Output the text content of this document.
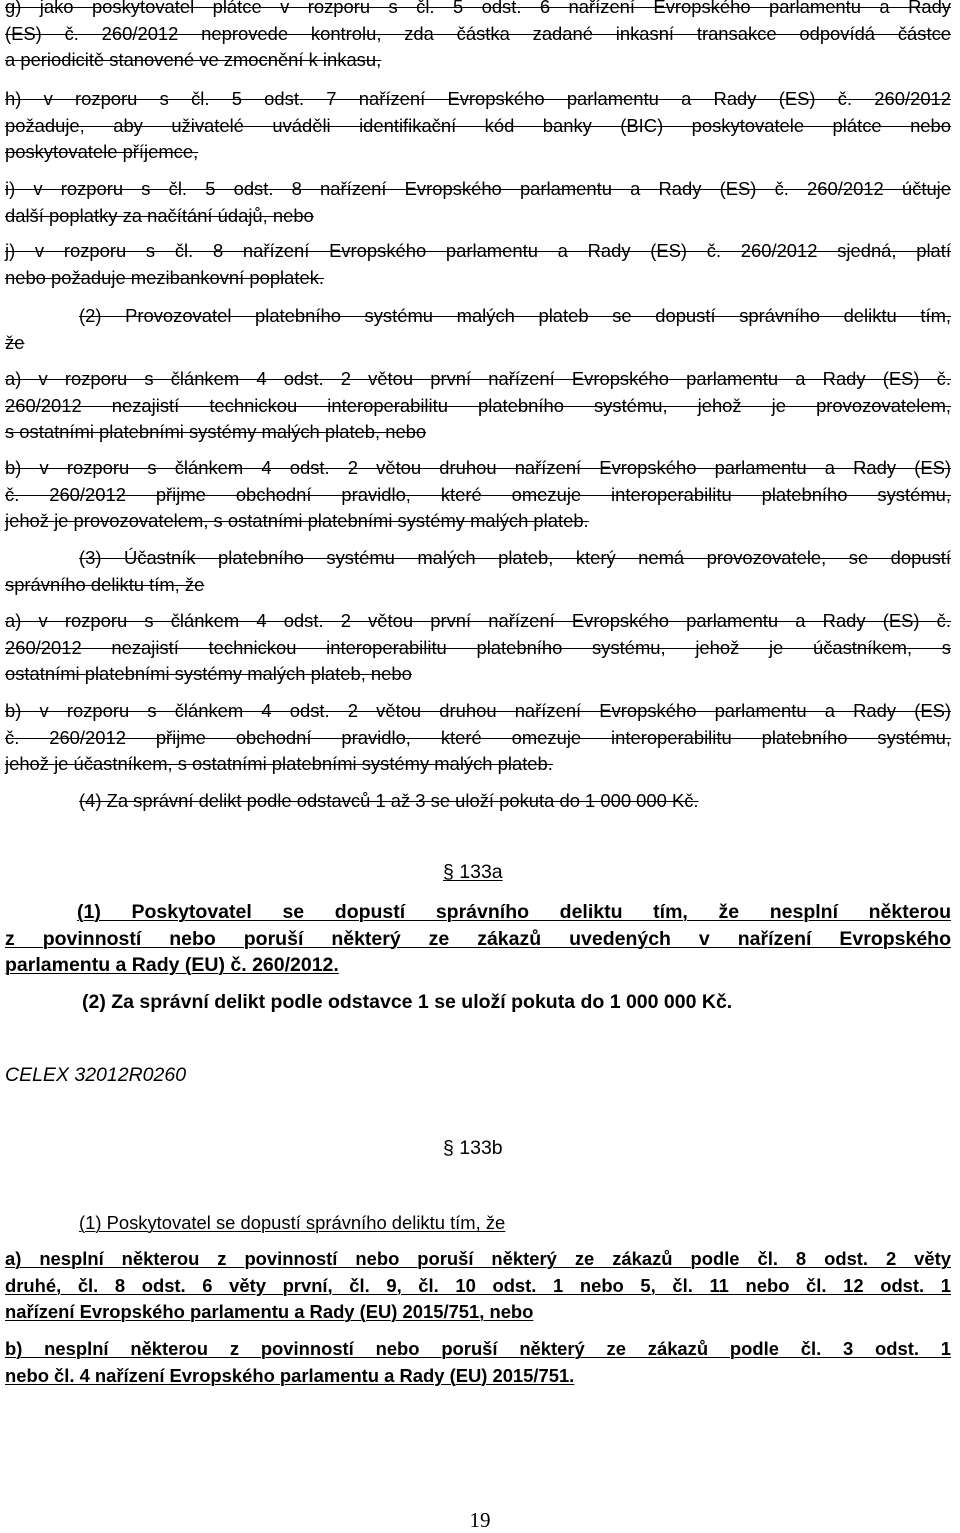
g) jako poskytovatel plátce v rozporu s čl. 5 odst. 6 nařízení Evropského parlamentu a Rady
(ES) č. 260/2012 neprovede kontrolu, zda částka zadané inkasní transakce odpovídá částce
a periodicitě stanovené ve zmocnění k inkasu,

h) v rozporu s čl. 5 odst. 7 nařízení Evropského parlamentu a Rady (ES) č. 260/2012
požaduje, aby uživatelé uváděli identifikační kód banky (BIC) poskytovatele plátce nebo
poskytovatele příjemce,

i) v rozporu s čl. 5 odst. 8 nařízení Evropského parlamentu a Rady (ES) č. 260/2012 účtuje
další poplatky za načítání údajů, nebo

j) v rozporu s čl. 8 nařízení Evropského parlamentu a Rady (ES) č. 260/2012 sjedná, platí
nebo požaduje mezibankovní poplatek.

(2) Provozovatel platebního systému malých plateb se dopustí správního deliktu tím,
že

a) v rozporu s článkem 4 odst. 2 větou první nařízení Evropského parlamentu a Rady (ES) č.
260/2012 nezajistí technickou interoperabilitu platebního systému, jehož je provozovatelem,
s ostatními platebními systémy malých plateb, nebo

b) v rozporu s článkem 4 odst. 2 větou druhou nařízení Evropského parlamentu a Rady (ES)
č. 260/2012 přijme obchodní pravidlo, které omezuje interoperabilitu platebního systému,
jehož je provozovatelem, s ostatními platebními systémy malých plateb.

(3) Účastník platebního systému malých plateb, který nemá provozovatele, se dopustí
správního deliktu tím, že

a) v rozporu s článkem 4 odst. 2 větou první nařízení Evropského parlamentu a Rady (ES) č.
260/2012 nezajistí technickou interoperabilitu platebního systému, jehož je účastníkem, s
ostatními platebními systémy malých plateb, nebo

b) v rozporu s článkem 4 odst. 2 větou druhou nařízení Evropského parlamentu a Rady (ES)
č. 260/2012 přijme obchodní pravidlo, které omezuje interoperabilitu platebního systému,
jehož je účastníkem, s ostatními platebními systémy malých plateb.

(4) Za správní delikt podle odstavců 1 až 3 se uloží pokuta do 1 000 000 Kč.

§ 133a

(1) Poskytovatel se dopustí správního deliktu tím, že nesplní některou
z povinností nebo poruší některý ze zákazů uvedených v nařízení Evropského
parlamentu a Rady (EU) č. 260/2012.

(2) Za správní delikt podle odstavce 1 se uloží pokuta do 1 000 000 Kč.

CELEX 32012R0260
§ 133b

(1) Poskytovatel se dopustí správního deliktu tím, že

a) nesplní některou z povinností nebo poruší některý ze zákazů podle čl. 8 odst. 2 věty
druhé, čl. 8 odst. 6 věty první, čl. 9, čl. 10 odst. 1 nebo 5, čl. 11 nebo čl. 12 odst. 1
nařízení Evropského parlamentu a Rady (EU) 2015/751, nebo

b) nesplní některou z povinností nebo poruší některý ze zákazů podle čl. 3 odst. 1
nebo čl. 4 nařízení Evropského parlamentu a Rady (EU) 2015/751.

19
